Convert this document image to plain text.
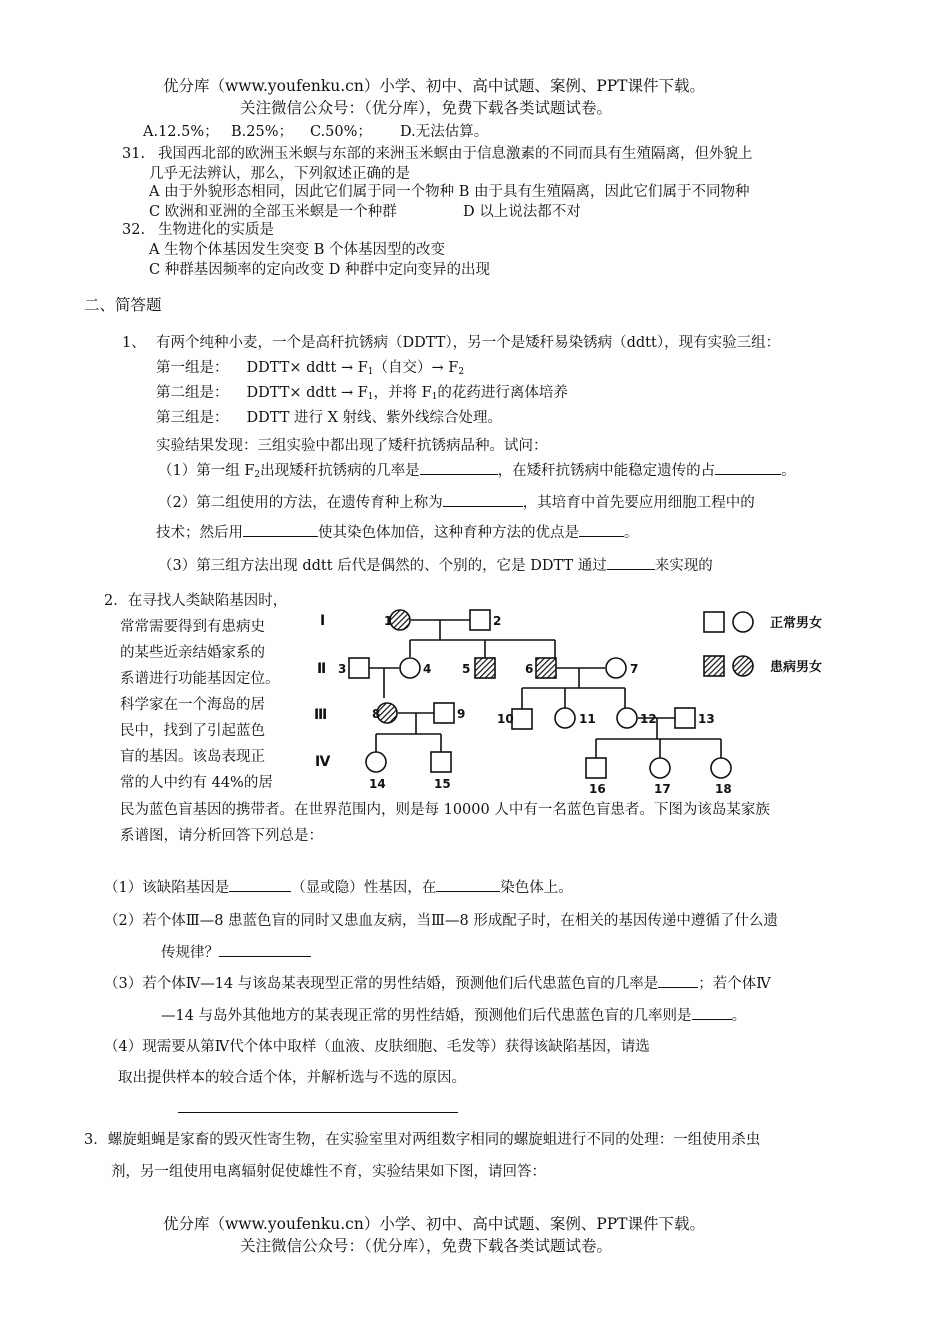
优分库（www.youfenku.cn）小学、初中、高中试题、案例、PPT课件下载。
关注微信公众号：（优分库），免费下载各类试题试卷。
A.12.5%； B.25%； C.50%； D.无法估算。
31. 我国西北部的欧洲玉米螟与东部的来洲玉米螟由于信息激素的不同而具有生殖隔离，但外貌上
几乎无法辨认，那么，下列叙述正确的是
A 由于外貌形态相同，因此它们属于同一个物种 B 由于具有生殖隔离，因此它们属于不同物种
C 欧洲和亚洲的全部玉米螟是一个种群	D 以上说法都不对
32. 生物进化的实质是
A 生物个体基因发生突变 B 个体基因型的改变
C 种群基因频率的定向改变 D 种群中定向变异的出现
二、简答题
1、 有两个纯种小麦，一个是高秆抗锈病（DDTT），另一个是矮秆易染锈病（ddtt），现有实验三组：
第一组是： DDTT× ddtt → $F_1$（自交）→ $F_2$
第二组是： DDTT× ddtt → $F_1$，并将 $F_1$的花药进行离体培养
第三组是： DDTT 进行 X 射线、紫外线综合处理。
实验结果发现：三组实验中都出现了矮秆抗锈病品种。试问：
（1）第一组 $F_2$出现矮秆抗锈病的几率是	，在矮秆抗锈病中能稳定遗传的占	。
（2）第二组使用的方法，在遗传育种上称为	，其培育中首先要应用细胞工程中的
技术；然后用	使其染色体加倍，这种育种方法的优点是	。
（3）第三组方法出现 ddtt 后代是偶然的、个别的，它是 DDTT 通过	来实现的
2．在寻找人类缺陷基因时，
常常需要得到有患病史
的某些近亲结婚家系的
系谱进行功能基因定位。
科学家在一个海岛的居
民中，找到了引起蓝色
盲的基因。该岛表现正
常的人中约有 44%的居
民为蓝色盲基因的携带者。在世界范围内，则是每 10000 人中有一名蓝色盲患者。下图为该岛某家族
系谱图，请分析回答下列总是：
Ⅰ
Ⅱ
Ⅲ
Ⅳ
1	2
3	4	5	6	7
8	9	10	11	12	13
14	15	16	17	18
正常男女
患病男女
（1）该缺陷基因是	（显或隐）性基因，在	染色体上。
（2）若个体Ⅲ—8 患蓝色盲的同时又患血友病，当Ⅲ—8 形成配子时，在相关的基因传递中遵循了什么遗
传规律？
（3）若个体Ⅳ—14 与该岛某表现型正常的男性结婚，预测他们后代患蓝色盲的几率是	；若个体Ⅳ
—14 与岛外其他地方的某表现正常的男性结婚，预测他们后代患蓝色盲的几率则是	。
（4）现需要从第Ⅳ代个体中取样（血液、皮肤细胞、毛发等）获得该缺陷基因，请选
取出提供样本的较合适个体，并解析选与不选的原因。
3．螺旋蛆蝇是家畜的毁灭性寄生物，在实验室里对两组数字相同的螺旋蛆进行不同的处理：一组使用杀虫
剂，另一组使用电离辐射促使雄性不育，实验结果如下图，请回答：
优分库（www.youfenku.cn）小学、初中、高中试题、案例、PPT课件下载。
关注微信公众号：（优分库），免费下载各类试题试卷。
